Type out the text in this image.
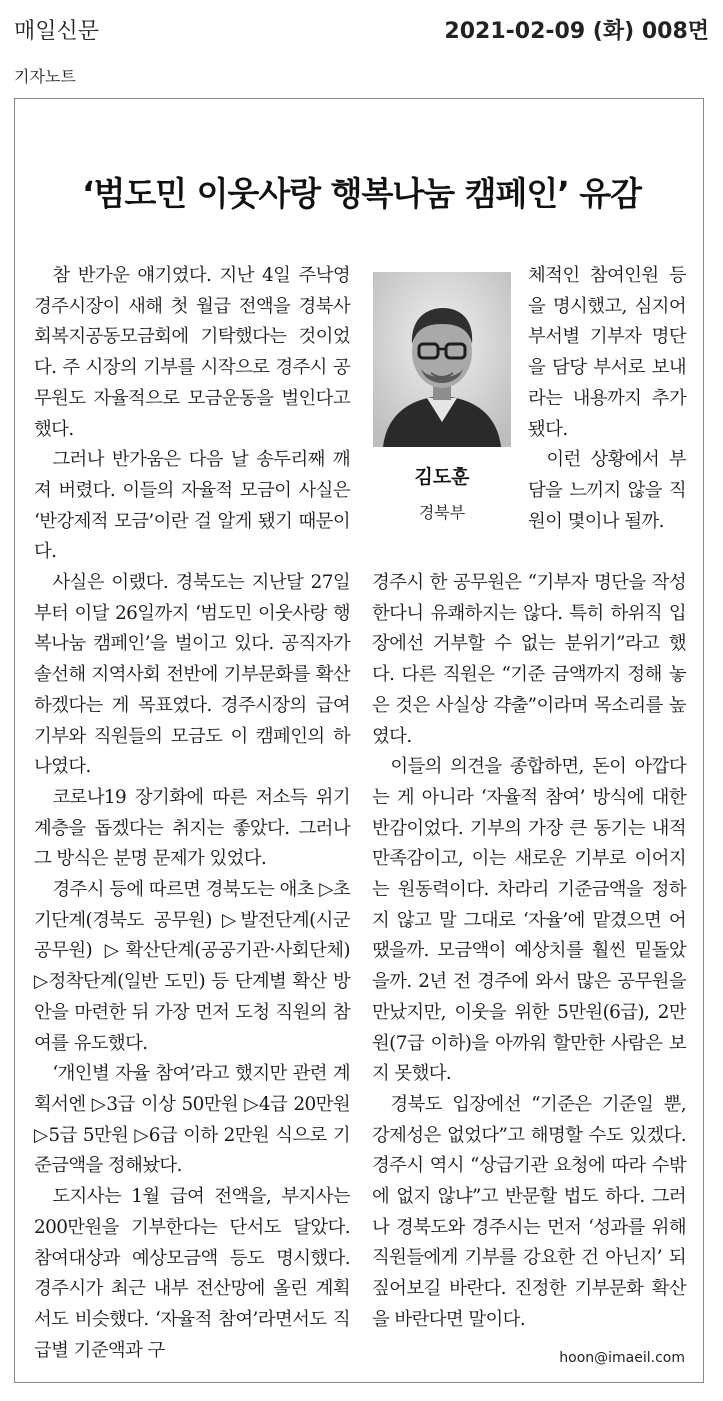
매일신문	2021-02-09 (화) 008면
기자노트
‘범도민 이웃사랑 행복나눔 캠페인’ 유감

참 반가운 얘기였다. 지난 4일 주낙영 경주시장이 새해 첫 월급 전액을 경북사회복지공동모금회에 기탁했다는 것이었다. 주 시장의 기부를 시작으로 경주시 공무원도 자율적으로 모금운동을 벌인다고 했다.

그러나 반가움은 다음 날 송두리째 깨져 버렸다. 이들의 자율적 모금이 사실은 ‘반강제적 모금’이란 걸 알게 됐기 때문이다.

사실은 이랬다. 경북도는 지난달 27일부터 이달 26일까지 ‘범도민 이웃사랑 행복나눔 캠페인’을 벌이고 있다. 공직자가 솔선해 지역사회 전반에 기부문화를 확산하겠다는 게 목표였다. 경주시장의 급여 기부와 직원들의 모금도 이 캠페인의 하나였다.

코로나19 장기화에 따른 저소득 위기계층을 돕겠다는 취지는 좋았다. 그러나 그 방식은 분명 문제가 있었다.

경주시 등에 따르면 경북도는 애초 ▷초기단계(경북도 공무원) ▷발전단계(시군 공무원) ▷확산단계(공공기관·사회단체) ▷정착단계(일반 도민) 등 단계별 확산 방안을 마련한 뒤 가장 먼저 도청 직원의 참여를 유도했다.

‘개인별 자율 참여’라고 했지만 관련 계획서엔 ▷3급 이상 50만원 ▷4급 20만원 ▷5급 5만원 ▷6급 이하 2만원 식으로 기준금액을 정해놨다.

도지사는 1월 급여 전액을, 부지사는 200만원을 기부한다는 단서도 달았다. 참여대상과 예상모금액 등도 명시했다. 경주시가 최근 내부 전산망에 올린 계획서도 비슷했다. ‘자율적 참여’라면서도 직급별 기준액과 구

김도훈
경북부

체적인 참여인원 등을 명시했고, 심지어 부서별 기부자 명단을 담당 부서로 보내라는 내용까지 추가됐다.

이런 상황에서 부담을 느끼지 않을 직원이 몇이나 될까.

경주시 한 공무원은 “기부자 명단을 작성한다니 유쾌하지는 않다. 특히 하위직 입장에선 거부할 수 없는 분위기”라고 했다. 다른 직원은 “기준 금액까지 정해 놓은 것은 사실상 갹출”이라며 목소리를 높였다.

이들의 의견을 종합하면, 돈이 아깝다는 게 아니라 ‘자율적 참여’ 방식에 대한 반감이었다. 기부의 가장 큰 동기는 내적 만족감이고, 이는 새로운 기부로 이어지는 원동력이다. 차라리 기준금액을 정하지 않고 말 그대로 ‘자율’에 맡겼으면 어땠을까. 모금액이 예상치를 훨씬 밑돌았을까. 2년 전 경주에 와서 많은 공무원을 만났지만, 이웃을 위한 5만원(6급), 2만원(7급 이하)을 아까워 할만한 사람은 보지 못했다.

경북도 입장에선 “기준은 기준일 뿐, 강제성은 없었다”고 해명할 수도 있겠다. 경주시 역시 “상급기관 요청에 따라 수밖에 없지 않냐”고 반문할 법도 하다. 그러나 경북도와 경주시는 먼저 ‘성과를 위해 직원들에게 기부를 강요한 건 아닌지’ 되짚어보길 바란다. 진정한 기부문화 확산을 바란다면 말이다.

hoon@imaeil.com
